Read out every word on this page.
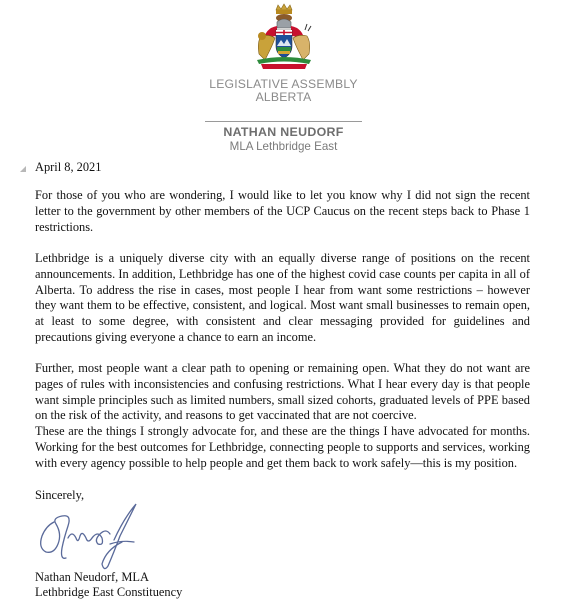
LEGISLATIVE ASSEMBLY
ALBERTA
NATHAN NEUDORF
MLA Lethbridge East
April 8, 2021

For those of you who are wondering, I would like to let you know why I did not sign the recent letter to the government by other members of the UCP Caucus on the recent steps back to Phase 1 restrictions.

Lethbridge is a uniquely diverse city with an equally diverse range of positions on the recent announcements. In addition, Lethbridge has one of the highest covid case counts per capita in all of Alberta. To address the rise in cases, most people I hear from want some restrictions – however they want them to be effective, consistent, and logical. Most want small businesses to remain open, at least to some degree, with consistent and clear messaging provided for guidelines and precautions giving everyone a chance to earn an income.

Further, most people want a clear path to opening or remaining open. What they do not want are pages of rules with inconsistencies and confusing restrictions. What I hear every day is that people want simple principles such as limited numbers, small sized cohorts, graduated levels of PPE based on the risk of the activity, and reasons to get vaccinated that are not coercive.

These are the things I strongly advocate for, and these are the things I have advocated for months. Working for the best outcomes for Lethbridge, connecting people to supports and services, working with every agency possible to help people and get them back to work safely—this is my position.

Sincerely,
Nathan Neudorf, MLA
Lethbridge East Constituency
